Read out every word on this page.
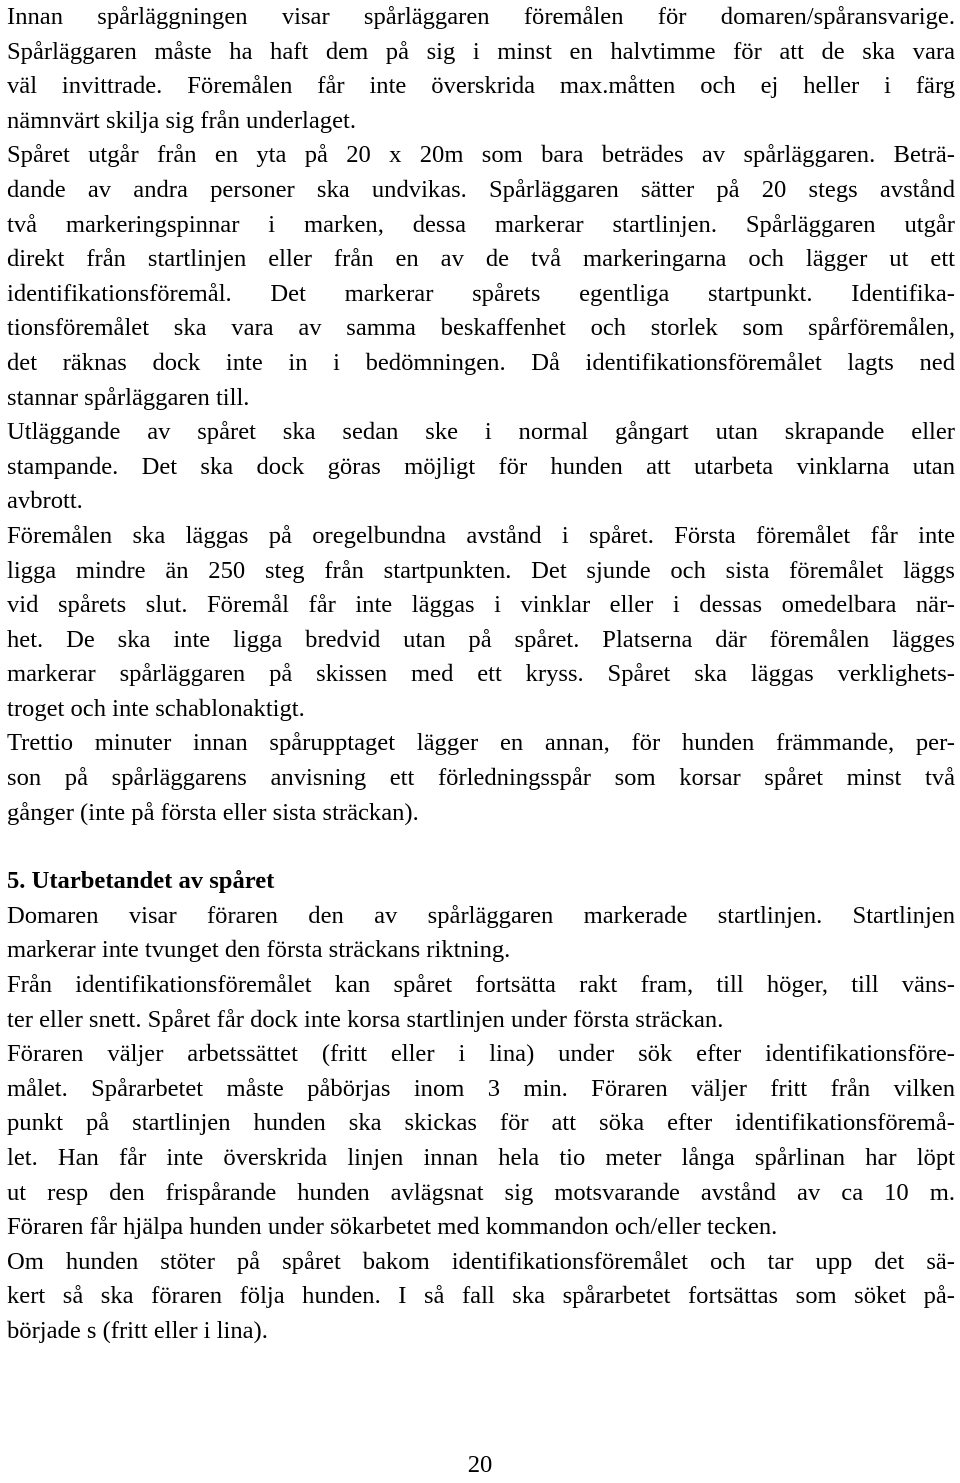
Innan spårläggningen visar spårläggaren föremålen för domaren/spåransvarige.
Spårläggaren måste ha haft dem på sig i minst en halvtimme för att de ska vara
väl invittrade. Föremålen får inte överskrida max.måtten och ej heller i färg
nämnvärt skilja sig från underlaget.
Spåret utgår från en yta på 20 x 20m som bara beträdes av spårläggaren. Beträ-
dande av andra personer ska undvikas. Spårläggaren sätter på 20 stegs avstånd
två markeringspinnar i marken, dessa markerar startlinjen. Spårläggaren utgår
direkt från startlinjen eller från en av de två markeringarna och lägger ut ett
identifikationsföremål. Det markerar spårets egentliga startpunkt. Identifika-
tionsföremålet ska vara av samma beskaffenhet och storlek som spårföremålen,
det räknas dock inte in i bedömningen. Då identifikationsföremålet lagts ned
stannar spårläggaren till.
Utläggande av spåret ska sedan ske i normal gångart utan skrapande eller
stampande. Det ska dock göras möjligt för hunden att utarbeta vinklarna utan
avbrott.
Föremålen ska läggas på oregelbundna avstånd i spåret. Första föremålet får inte
ligga mindre än 250 steg från startpunkten. Det sjunde och sista föremålet läggs
vid spårets slut. Föremål får inte läggas i vinklar eller i dessas omedelbara när-
het. De ska inte ligga bredvid utan på spåret. Platserna där föremålen lägges
markerar spårläggaren på skissen med ett kryss. Spåret ska läggas verklighets-
troget och inte schablonaktigt.
Trettio minuter innan spårupptaget lägger en annan, för hunden främmande, per-
son på spårläggarens anvisning ett förledningsspår som korsar spåret minst två
gånger (inte på första eller sista sträckan).
5. Utarbetandet av spåret
Domaren visar föraren den av spårläggaren markerade startlinjen. Startlinjen
markerar inte tvunget den första sträckans riktning.
Från identifikationsföremålet kan spåret fortsätta rakt fram, till höger, till väns-
ter eller snett. Spåret får dock inte korsa startlinjen under första sträckan.
Föraren väljer arbetssättet (fritt eller i lina) under sök efter identifikationsföre-
målet. Spårarbetet måste påbörjas inom 3 min. Föraren väljer fritt från vilken
punkt på startlinjen hunden ska skickas för att söka efter identifikationsföremå-
let. Han får inte överskrida linjen innan hela tio meter långa spårlinan har löpt
ut resp den frispårande hunden avlägsnat sig motsvarande avstånd av ca 10 m.
Föraren får hjälpa hunden under sökarbetet med kommandon och/eller tecken.
Om hunden stöter på spåret bakom identifikationsföremålet och tar upp det sä-
kert så ska föraren följa hunden. I så fall ska spårarbetet fortsättas som söket på-
började s (fritt eller i lina).
20
